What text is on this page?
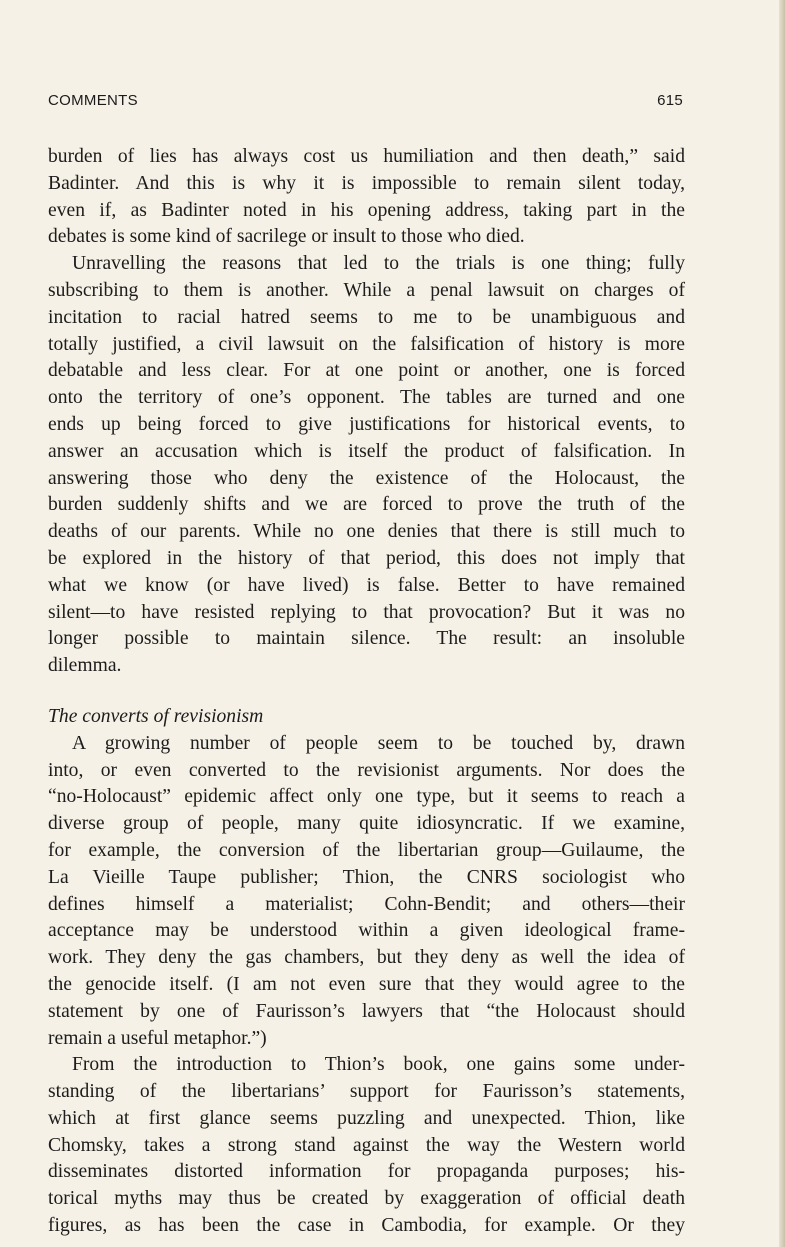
COMMENTS	615

burden of lies has always cost us humiliation and then death,” said

Badinter. And this is why it is impossible to remain silent today,

even if, as Badinter noted in his opening address, taking part in the

debates is some kind of sacrilege or insult to those who died.

Unravelling the reasons that led to the trials is one thing; fully

subscribing to them is another. While a penal lawsuit on charges of

incitation to racial hatred seems to me to be unambiguous and

totally justified, a civil lawsuit on the falsification of history is more

debatable and less clear. For at one point or another, one is forced

onto the territory of one’s opponent. The tables are turned and one

ends up being forced to give justifications for historical events, to

answer an accusation which is itself the product of falsification. In

answering those who deny the existence of the Holocaust, the

burden suddenly shifts and we are forced to prove the truth of the

deaths of our parents. While no one denies that there is still much to

be explored in the history of that period, this does not imply that

what we know (or have lived) is false. Better to have remained

silent—to have resisted replying to that provocation? But it was no

longer possible to maintain silence. The result: an insoluble

dilemma.

The converts of revisionism

A growing number of people seem to be touched by, drawn

into, or even converted to the revisionist arguments. Nor does the

“no-Holocaust” epidemic affect only one type, but it seems to reach a

diverse group of people, many quite idiosyncratic. If we examine,

for example, the conversion of the libertarian group—Guilaume, the

La Vieille Taupe publisher; Thion, the CNRS sociologist who

defines himself a materialist; Cohn-Bendit; and others—their

acceptance may be understood within a given ideological frame-

work. They deny the gas chambers, but they deny as well the idea of

the genocide itself. (I am not even sure that they would agree to the

statement by one of Faurisson’s lawyers that “the Holocaust should

remain a useful metaphor.”)

From the introduction to Thion’s book, one gains some under-

standing of the libertarians’ support for Faurisson’s statements,

which at first glance seems puzzling and unexpected. Thion, like

Chomsky, takes a strong stand against the way the Western world

disseminates distorted information for propaganda purposes; his-

torical myths may thus be created by exaggeration of official death

figures, as has been the case in Cambodia, for example. Or they
